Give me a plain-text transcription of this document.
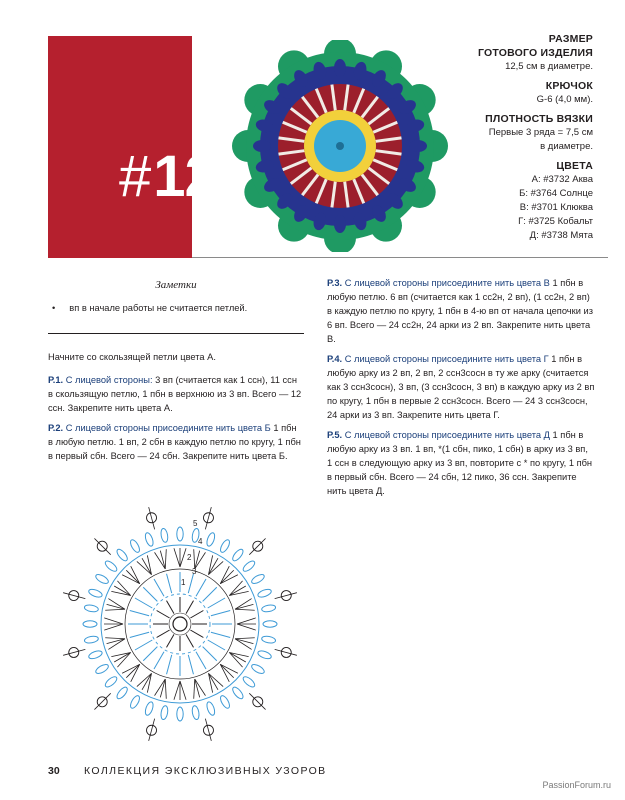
#12
РАЗМЕР
ГОТОВОГО ИЗДЕЛИЯ
12,5 см в диаметре.
КРЮЧОК
G-6 (4,0 мм).
ПЛОТНОСТЬ ВЯЗКИ
Первые 3 ряда = 7,5 см
в диаметре.
ЦВЕТА
А: #3732 Аква
Б: #3764 Солнце
В: #3701 Клюква
Г: #3725 Кобальт
Д: #3738 Мята
Заметки
• вп в начале работы не считается петлей.
Начните со скользящей петли цвета А.
Р.1. С лицевой стороны: 3 вп (считается как 1 ссн), 11 ссн в скользящую петлю, 1 пбн в верхнюю из 3 вп. Всего — 12 ссн. Закрепите нить цвета А.
Р.2. С лицевой стороны присоедините нить цвета Б 1 пбн в любую петлю. 1 вп, 2 сбн в каждую петлю по кругу, 1 пбн в первый сбн. Всего — 24 сбн. Закрепите нить цвета Б.
Р.3. С лицевой стороны присоедините нить цвета В 1 пбн в любую петлю. 6 вп (считается как 1 сс2н, 2 вп), (1 сс2н, 2 вп) в каждую петлю по кругу, 1 пбн в 4-ю вп от начала цепочки из 6 вп. Всего — 24 сс2н, 24 арки из 2 вп. Закрепите нить цвета В.
Р.4. С лицевой стороны присоедините нить цвета Г 1 пбн в любую арку из 2 вп, 2 вп, 2 ссн3сосн в ту же арку (считается как 3 ссн3сосн), 3 вп, (3 ссн3сосн, 3 вп) в каждую арку из 2 вп по кругу, 1 пбн в первые 2 ссн3сосн. Всего — 24 3 ссн3сосн, 24 арки из 3 вп. Закрепите нить цвета Г.
Р.5. С лицевой стороны присоедините нить цвета Д 1 пбн в любую арку из 3 вп. 1 вп, *(1 сбн, пико, 1 сбн) в арку из 3 вп, 1 ссн в следующую арку из 3 вп, повторите с * по кругу, 1 пбн в первый сбн. Всего — 24 сбн, 12 пико, 36 ссн. Закрепите нить цвета Д.
1
2
3
4
5
30 КОЛЛЕКЦИЯ ЭКСКЛЮЗИВНЫХ УЗОРОВ
PassionForum.ru
